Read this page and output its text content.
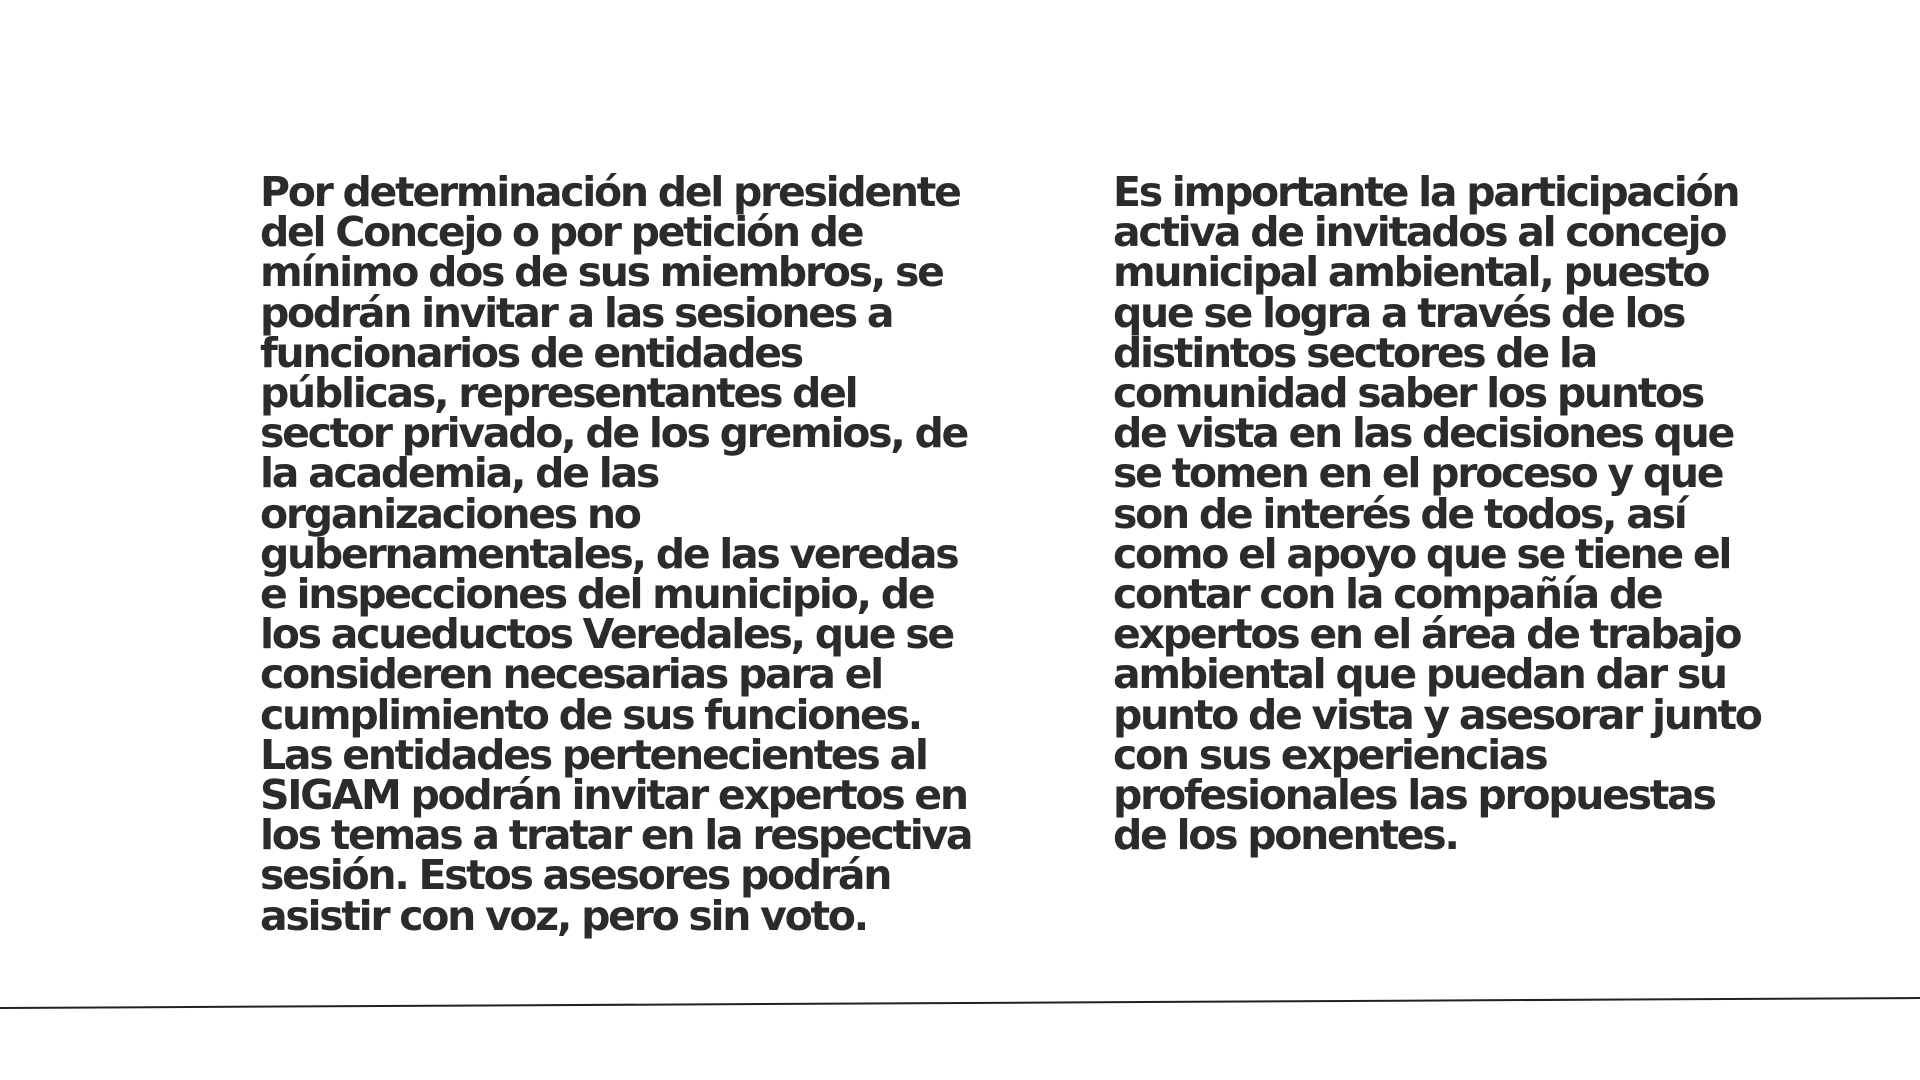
Por determinación del presidente
del Concejo o por petición de
mínimo dos de sus miembros, se
podrán invitar a las sesiones a
funcionarios de entidades
públicas, representantes del
sector privado, de los gremios, de
la academia, de las
organizaciones no
gubernamentales, de las veredas
e inspecciones del municipio, de
los acueductos Veredales, que se
consideren necesarias para el
cumplimiento de sus funciones.
Las entidades pertenecientes al
SIGAM podrán invitar expertos en
los temas a tratar en la respectiva
sesión. Estos asesores podrán
asistir con voz, pero sin voto.

Es importante la participación
activa de invitados al concejo
municipal ambiental, puesto
que se logra a través de los
distintos sectores de la
comunidad saber los puntos
de vista en las decisiones que
se tomen en el proceso y que
son de interés de todos, así
como el apoyo que se tiene el
contar con la compañía de
expertos en el área de trabajo
ambiental que puedan dar su
punto de vista y asesorar junto
con sus experiencias
profesionales las propuestas
de los ponentes.
